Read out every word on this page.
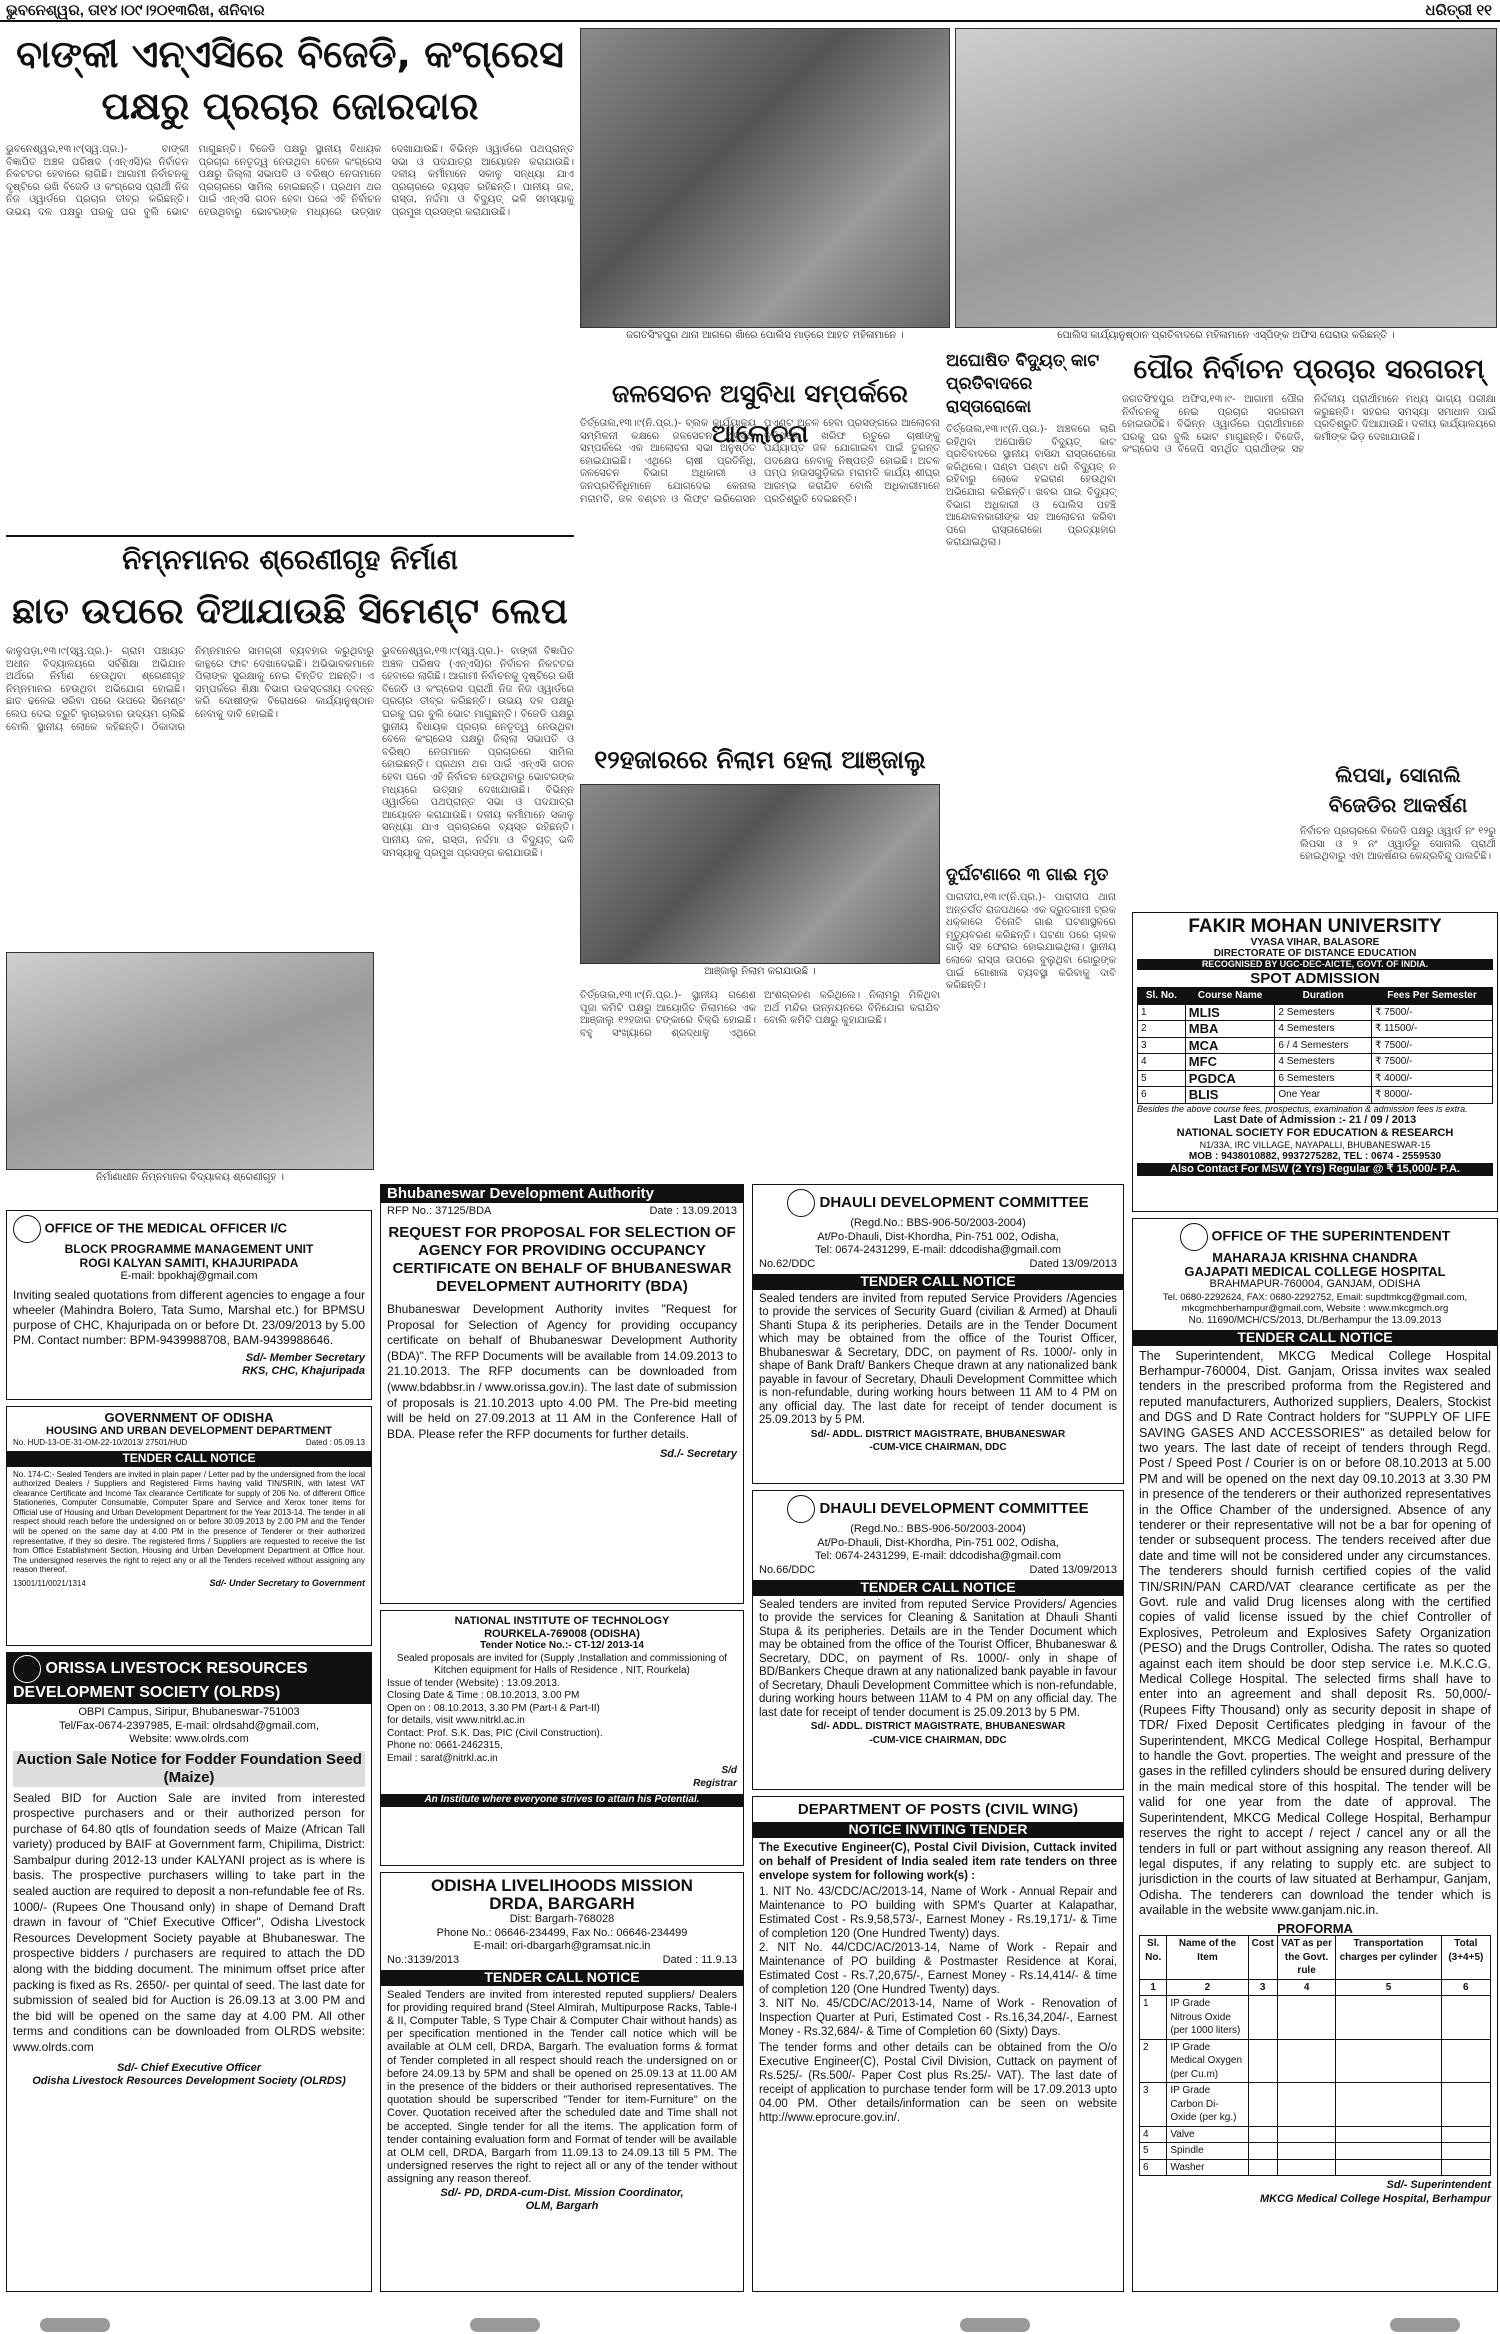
ଭୁବନେଶ୍ୱର, ତା୧୪।୦୯।୨୦୧୩ରିଖ, ଶନିବାର	ଧରିତ୍ରୀ ୧୧
ବାଙ୍କୀ ଏନ୍ଏସିରେ ବିଜେଡି, କଂଗ୍ରେସ ପକ୍ଷରୁ ପ୍ରଚାର ଜୋରଦାର
ଭୁବନେଶ୍ୱର,୧୩।୯(ସ୍ୱ.ପ୍ର.)- ବାଙ୍କୀ ବିଜ୍ଞାପିତ ଅଞ୍ଚଳ ପରିଷଦ (ଏନ୍ଏସି)ର ନିର୍ବାଚନ ନିକଟତର ହେବାରେ ଲାଗିଛି। ଆଗାମୀ ନିର୍ବାଚନକୁ ଦୃଷ୍ଟିରେ ରଖି ବିଜେଡି ଓ କଂଗ୍ରେସ ପ୍ରାର୍ଥୀ ନିଜ ନିଜ ଓ୍ୱାର୍ଡରେ ପ୍ରଚାର ତୀବ୍ର କରିଛନ୍ତି। ଉଭୟ ଦଳ ପକ୍ଷରୁ ଘରକୁ ଘର ବୁଲି ଭୋଟ ମାଗୁଛନ୍ତି। ବିଜେଡି ପକ୍ଷରୁ ସ୍ଥାନୀୟ ବିଧାୟକ ପ୍ରଚାର ନେତୃତ୍ୱ ନେଉଥିବା ବେଳେ କଂଗ୍ରେସ ପକ୍ଷରୁ ଜିଲ୍ଲା ସଭାପତି ଓ ବରିଷ୍ଠ ନେତାମାନେ ପ୍ରଚାରରେ ସାମିଲ ହୋଇଛନ୍ତି। ପ୍ରଥମ ଥର ପାଇଁ ଏନ୍ଏସି ଗଠନ ହେବା ପରେ ଏହି ନିର୍ବାଚନ ହେଉଥିବାରୁ ଭୋଟରଙ୍କ ମଧ୍ୟରେ ଉତ୍ସାହ ଦେଖାଯାଉଛି। ବିଭିନ୍ନ ଓ୍ୱାର୍ଡରେ ପଥପ୍ରାନ୍ତ ସଭା ଓ ପଦଯାତ୍ରା ଆୟୋଜନ କରାଯାଉଛି। ଦଳୀୟ କର୍ମୀମାନେ ସକାଳୁ ସନ୍ଧ୍ୟା ଯାଏ ପ୍ରଚାରରେ ବ୍ୟସ୍ତ ରହିଛନ୍ତି। ପାନୀୟ ଜଳ, ରାସ୍ତା, ନର୍ଦ୍ଦମା ଓ ବିଦ୍ୟୁତ୍ ଭଳି ସମସ୍ୟାକୁ ପ୍ରମୁଖ ପ୍ରସଙ୍ଗ କରାଯାଉଛି।
ଜଗତସିଂହପୁର ଥାନା ଆଗରେ ଖାଁରେ ପୋଲିସ ମାଡ଼ରେ ଆହତ ମହିଳାମାନେ ।	ପୋଲିସ କାର୍ଯ୍ୟାନୁଷ୍ଠାନ ପ୍ରତିବାଦରେ ମହିଳାମାନେ ଏସ୍ପିଙ୍କ ଅଫିସ ଘେରାଉ କରିଛନ୍ତି ।
ନିମ୍ନମାନର ଶ୍ରେଣୀଗୃହ ନିର୍ମାଣ
ଛାତ ଉପରେ ଦିଆଯାଉଛି ସିମେଣ୍ଟ ଲେପ
କାଳୁପଡ଼ା,୧୩।୯(ସ୍ୱ.ପ୍ର.)- ଗ୍ରାମ ପଞ୍ଚାୟତ ଅଧୀନ ବିଦ୍ୟାଳୟରେ ସର୍ବଶିକ୍ଷା ଅଭିଯାନ ଅର୍ଥରେ ନିର୍ମାଣ ହେଉଥିବା ଶ୍ରେଣୀଗୃହ ନିମ୍ନମାନର ହେଉଥିବା ଅଭିଯୋଗ ହୋଇଛି। ଛାତ ଢଳେଇ ସରିବା ପରେ ଉପରେ ସିମେଣ୍ଟ ଲେପ ଦେଇ ତ୍ରୁଟି ଲୁଚାଇବାର ଉଦ୍ୟମ ଚାଲିଛି ବୋଲି ସ୍ଥାନୀୟ ଲୋକେ କହିଛନ୍ତି। ଠିକାଦାର ନିମ୍ନମାନର ସାମଗ୍ରୀ ବ୍ୟବହାର କରୁଥିବାରୁ କାନ୍ଥରେ ଫାଟ ଦେଖାଦେଇଛି। ଅଭିଭାବକମାନେ ପିଲାଙ୍କ ସୁରକ୍ଷାକୁ ନେଇ ଚିନ୍ତିତ ଅଛନ୍ତି। ଏ ସମ୍ପର୍କରେ ଶିକ୍ଷା ବିଭାଗ ଉଚ୍ଚସ୍ତରୀୟ ତଦନ୍ତ କରି ଦୋଷୀଙ୍କ ବିରୋଧରେ କାର୍ଯ୍ୟାନୁଷ୍ଠାନ ନେବାକୁ ଦାବି ହୋଇଛି।
ନିର୍ମାଣାଧୀନ ନିମ୍ନମାନର ବିଦ୍ୟାଳୟ ଶ୍ରେଣୀଗୃହ ।
ଭୁବନେଶ୍ୱର,୧୩।୯(ସ୍ୱ.ପ୍ର.)- ବାଙ୍କୀ ବିଜ୍ଞାପିତ ଅଞ୍ଚଳ ପରିଷଦ (ଏନ୍ଏସି)ର ନିର୍ବାଚନ ନିକଟତର ହେବାରେ ଲାଗିଛି। ଆଗାମୀ ନିର୍ବାଚନକୁ ଦୃଷ୍ଟିରେ ରଖି ବିଜେଡି ଓ କଂଗ୍ରେସ ପ୍ରାର୍ଥୀ ନିଜ ନିଜ ଓ୍ୱାର୍ଡରେ ପ୍ରଚାର ତୀବ୍ର କରିଛନ୍ତି। ଉଭୟ ଦଳ ପକ୍ଷରୁ ଘରକୁ ଘର ବୁଲି ଭୋଟ ମାଗୁଛନ୍ତି। ବିଜେଡି ପକ୍ଷରୁ ସ୍ଥାନୀୟ ବିଧାୟକ ପ୍ରଚାର ନେତୃତ୍ୱ ନେଉଥିବା ବେଳେ କଂଗ୍ରେସ ପକ୍ଷରୁ ଜିଲ୍ଲା ସଭାପତି ଓ ବରିଷ୍ଠ ନେତାମାନେ ପ୍ରଚାରରେ ସାମିଲ ହୋଇଛନ୍ତି। ପ୍ରଥମ ଥର ପାଇଁ ଏନ୍ଏସି ଗଠନ ହେବା ପରେ ଏହି ନିର୍ବାଚନ ହେଉଥିବାରୁ ଭୋଟରଙ୍କ ମଧ୍ୟରେ ଉତ୍ସାହ ଦେଖାଯାଉଛି। ବିଭିନ୍ନ ଓ୍ୱାର୍ଡରେ ପଥପ୍ରାନ୍ତ ସଭା ଓ ପଦଯାତ୍ରା ଆୟୋଜନ କରାଯାଉଛି। ଦଳୀୟ କର୍ମୀମାନେ ସକାଳୁ ସନ୍ଧ୍ୟା ଯାଏ ପ୍ରଚାରରେ ବ୍ୟସ୍ତ ରହିଛନ୍ତି। ପାନୀୟ ଜଳ, ରାସ୍ତା, ନର୍ଦ୍ଦମା ଓ ବିଦ୍ୟୁତ୍ ଭଳି ସମସ୍ୟାକୁ ପ୍ରମୁଖ ପ୍ରସଙ୍ଗ କରାଯାଉଛି।
ଜଳସେଚନ ଅସୁବିଧା ସମ୍ପର୍କରେ ଆଲୋଚନା
ତିର୍ତ୍ତୋଲ,୧୩।୯(ନି.ପ୍ର.)- ବ୍ଲକ କାର୍ଯ୍ୟାଳୟ ସମ୍ମିଳନୀ କକ୍ଷରେ ଜଳସେଚନ ଅସୁବିଧା ସମ୍ପର୍କରେ ଏକ ଆଲୋଚନା ସଭା ଅନୁଷ୍ଠିତ ହୋଇଯାଇଛି। ଏଥିରେ ଚାଷୀ ପ୍ରତିନିଧି, ଜଳସେଚନ ବିଭାଗ ଅଧିକାରୀ ଓ ଜନପ୍ରତିନିଧିମାନେ ଯୋଗଦେଇ କେନାଲ ମରାମତି, ଜଳ ବଣ୍ଟନ ଓ ଲିଫ୍ଟ ଇରିଗେସନ ପଏଣ୍ଟ ଅଚଳ ହେବା ପ୍ରସଙ୍ଗରେ ଆଲୋଚନା କରିଥିଲେ। ଖରିଫ ଋତୁରେ ଚାଷୀଙ୍କୁ ପର୍ଯ୍ୟାପ୍ତ ଜଳ ଯୋଗାଇବା ପାଇଁ ତୁରନ୍ତ ପଦକ୍ଷେପ ନେବାକୁ ନିଷ୍ପତ୍ତି ହୋଇଛି। ଅଚଳ ପମ୍ପ ହାଉସଗୁଡ଼ିକର ମରାମତି କାର୍ଯ୍ୟ ଶୀଘ୍ର ଆରମ୍ଭ କରାଯିବ ବୋଲି ଅଧିକାରୀମାନେ ପ୍ରତିଶ୍ରୁତି ଦେଇଛନ୍ତି।
ଅଘୋଷିତ ବିଦ୍ୟୁତ୍ କାଟ ପ୍ରତିବାଦରେ ରାସ୍ତାରୋକୋ
ତିର୍ତ୍ତୋଲ,୧୩।୯(ନି.ପ୍ର.)- ଅଞ୍ଚଳରେ ଲାଗି ରହିଥିବା ଅଘୋଷିତ ବିଦ୍ୟୁତ୍ କାଟ ପ୍ରତିବାଦରେ ସ୍ଥାନୀୟ ବାସିନ୍ଦା ରାସ୍ତାରୋକୋ କରିଥିଲେ। ଘଣ୍ଟା ଘଣ୍ଟା ଧରି ବିଦ୍ୟୁତ୍ ନ ରହିବାରୁ ଲୋକେ ହଇରାଣ ହେଉଥିବା ଅଭିଯୋଗ କରିଛନ୍ତି। ଖବର ପାଇ ବିଦ୍ୟୁତ୍ ବିଭାଗ ଅଧିକାରୀ ଓ ପୋଲିସ ପହଞ୍ଚି ଆନ୍ଦୋଳନକାରୀଙ୍କ ସହ ଆଲୋଚନା କରିବା ପରେ ରାସ୍ତାରୋକୋ ପ୍ରତ୍ୟାହାର କରାଯାଇଥିଲା।
୧୨ହଜାରରେ ନିଲାମ ହେଲା ଆଞ୍ଜାଲୁ
ଆଞ୍ଜାଲୁ ନିଲାମ କରାଯାଉଛି ।
ତିର୍ତ୍ତୋଲ,୧୩।୯(ନି.ପ୍ର.)- ସ୍ଥାନୀୟ ଗଣେଶ ପୂଜା କମିଟି ପକ୍ଷରୁ ଆୟୋଜିତ ନିଲାମରେ ଏକ ଆଞ୍ଜାଲୁ ୧୨ହଜାର ଟଙ୍କାରେ ବିକ୍ରି ହୋଇଛି। ବହୁ ସଂଖ୍ୟାରେ ଶ୍ରଦ୍ଧାଳୁ ଏଥିରେ ଅଂଶଗ୍ରହଣ କରିଥିଲେ। ନିଲାମରୁ ମିଳିଥିବା ଅର୍ଥ ମନ୍ଦିର ଉନ୍ନୟନରେ ବିନିଯୋଗ କରାଯିବ ବୋଲି କମିଟି ପକ୍ଷରୁ କୁହାଯାଇଛି।
ଦୁର୍ଘଟଣାରେ ୩ ଗାଈ ମୃତ
ପାରାଦୀପ,୧୩।୯(ନି.ପ୍ର.)- ପାରାଦୀପ ଥାନା ଅନ୍ତର୍ଗତ ରାଜପଥରେ ଏକ ଦ୍ରୁତଗାମୀ ଟ୍ରକ ଧକ୍କାରେ ତିନୋଟି ଗାଈ ଘଟଣାସ୍ଥଳରେ ମୃତ୍ୟୁବରଣ କରିଛନ୍ତି। ଘଟଣା ପରେ ଚାଳକ ଗାଡ଼ି ସହ ଫେରାର ହୋଇଯାଇଥିଲା। ସ୍ଥାନୀୟ ଲୋକେ ରାସ୍ତା ଉପରେ ବୁଲୁଥିବା ଗୋରୁଙ୍କ ପାଇଁ ଗୋଶାଳା ବ୍ୟବସ୍ଥା କରିବାକୁ ଦାବି କରିଛନ୍ତି।
ପୌର ନିର୍ବାଚନ ପ୍ରଚାର ସରଗରମ୍
ଜଗତସିଂହପୁର ଅଫିସ,୧୩।୯- ଆଗାମୀ ପୌର ନିର୍ବାଚନକୁ ନେଇ ପ୍ରଚାର ସରଗରମ ହୋଇଉଠିଛି। ବିଭିନ୍ନ ଓ୍ୱାର୍ଡରେ ପ୍ରାର୍ଥୀମାନେ ଘରକୁ ଘର ବୁଲି ଭୋଟ ମାଗୁଛନ୍ତି। ବିଜେଡି, କଂଗ୍ରେସ ଓ ବିଜେପି ସମର୍ଥିତ ପ୍ରାର୍ଥୀଙ୍କ ସହ ନିର୍ଦ୍ଦଳୀୟ ପ୍ରାର୍ଥୀମାନେ ମଧ୍ୟ ଭାଗ୍ୟ ପରୀକ୍ଷା କରୁଛନ୍ତି। ସହରର ସମସ୍ୟା ସମାଧାନ ପାଇଁ ପ୍ରତିଶ୍ରୁତି ଦିଆଯାଉଛି। ଦଳୀୟ କାର୍ଯ୍ୟାଳୟରେ କର୍ମୀଙ୍କ ଭିଡ଼ ଦେଖାଯାଉଛି।
ଲିପସା, ସୋନାଲି ବିଜେଡିର ଆକର୍ଷଣ
ନିର୍ବାଚନ ପ୍ରଚାରରେ ବିଜେଡି ପକ୍ଷରୁ ଓ୍ୱାର୍ଡ ନଂ ୧୨ରୁ ଲିପସା ଓ ୨ ନଂ ଓ୍ୱାର୍ଡରୁ ସୋନାଲି ପ୍ରାର୍ଥୀ ହୋଇଥିବାରୁ ଏହା ଆକର୍ଷଣର କେନ୍ଦ୍ରବିନ୍ଦୁ ପାଲଟିଛି।
FAKIR MOHAN UNIVERSITY
VYASA VIHAR, BALASORE
DIRECTORATE OF DISTANCE EDUCATION
RECOGNISED BY UGC-DEC-AICTE, GOVT. OF INDIA.
SPOT ADMISSION
Sl. No.	Course Name	Duration	Fees Per Semester
1	MLIS	2 Semesters	₹ 7500/-
2	MBA	4 Semesters	₹ 11500/-
3	MCA	6 / 4 Semesters	₹ 7500/-
4	MFC	4 Semesters	₹ 7500/-
5	PGDCA	6 Semesters	₹ 4000/-
6	BLIS	One Year	₹ 8000/-
Besides the above course fees, prospectus, examination & admission fees is extra.
Last Date of Admission :- 21 / 09 / 2013
NATIONAL SOCIETY FOR EDUCATION & RESEARCH
N1/33A, IRC VILLAGE, NAYAPALLI, BHUBANESWAR-15
MOB : 9438010882, 9937275282, TEL : 0674 - 2559530
Also Contact For MSW (2 Yrs) Regular @ ₹ 15,000/- P.A.
OFFICE OF THE MEDICAL OFFICER I/C
BLOCK PROGRAMME MANAGEMENT UNIT
ROGI KALYAN SAMITI, KHAJURIPADA
E-mail: bpokhaj@gmail.com
Inviting sealed quotations from different agencies to engage a four wheeler (Mahindra Bolero, Tata Sumo, Marshal etc.) for BPMSU purpose of CHC, Khajuripada on or before Dt. 23/09/2013 by 5.00 PM. Contact number: BPM-9439988708, BAM-9439988646.
Sd/- Member Secretary
RKS, CHC, Khajuripada
GOVERNMENT OF ODISHA
HOUSING AND URBAN DEVELOPMENT DEPARTMENT
No. HUD-13-OE-31-OM-22-10/2013/ 27501/HUD	Dated : 05.09.13
TENDER CALL NOTICE
No. 174-C:- Sealed Tenders are invited in plain paper / Letter pad by the undersigned from the local authorized Dealers / Suppliers and Registered Firms having valid TIN/SRIN, with latest VAT clearance Certificate and Income Tax clearance Certificate for supply of 206 No. of different Office Stationeries, Computer Consumable, Computer Spare and Service and Xerox toner items for Official use of Housing and Urban Development Department for the Year 2013-14. The tender in all respect should reach before the undersigned on or before 30.09.2013 by 2.00 PM and the Tender will be opened on the same day at 4.00 PM in the presence of Tenderer or their authorized representative, if they so desire. The registered firms / Suppliers are requested to receive the list from Office Establishment Section, Housing and Urban Development Department at Office hour. The undersigned reserves the right to reject any or all the Tenders received without assigning any reason thereof.
13001/11/0021/1314	Sd/- Under Secretary to Government
ORISSA LIVESTOCK RESOURCES
DEVELOPMENT SOCIETY (OLRDS)
OBPI Campus, Siripur, Bhubaneswar-751003
Tel/Fax-0674-2397985, E-mail: olrdsahd@gmail.com,
Website: www.olrds.com
Auction Sale Notice for Fodder Foundation Seed (Maize)
Sealed BID for Auction Sale are invited from interested prospective purchasers and or their authorized person for purchase of 64.80 qtls of foundation seeds of Maize (African Tall variety) produced by BAIF at Government farm, Chipilima, District: Sambalpur during 2012-13 under KALYANI project as is where is basis. The prospective purchasers willing to take part in the sealed auction are required to deposit a non-refundable fee of Rs. 1000/- (Rupees One Thousand only) in shape of Demand Draft drawn in favour of "Chief Executive Officer", Odisha Livestock Resources Development Society payable at Bhubaneswar. The prospective bidders / purchasers are required to attach the DD along with the bidding document. The minimum offset price after packing is fixed as Rs. 2650/- per quintal of seed. The last date for submission of sealed bid for Auction is 26.09.13 at 3.00 PM and the bid will be opened on the same day at 4.00 PM. All other terms and conditions can be downloaded from OLRDS website: www.olrds.com
Sd/- Chief Executive Officer
Odisha Livestock Resources Development Society (OLRDS)
Bhubaneswar Development Authority
RFP No.: 37125/BDA	Date : 13.09.2013
REQUEST FOR PROPOSAL FOR SELECTION OF AGENCY FOR PROVIDING OCCUPANCY CERTIFICATE ON BEHALF OF BHUBANESWAR DEVELOPMENT AUTHORITY (BDA)
Bhubaneswar Development Authority invites "Request for Proposal for Selection of Agency for providing occupancy certificate on behalf of Bhubaneswar Development Authority (BDA)". The RFP Documents will be available from 14.09.2013 to 21.10.2013. The RFP documents can be downloaded from (www.bdabbsr.in / www.orissa.gov.in). The last date of submission of proposals is 21.10.2013 upto 4.00 PM. The Pre-bid meeting will be held on 27.09.2013 at 11 AM in the Conference Hall of BDA. Please refer the RFP documents for further details.
Sd./- Secretary
NATIONAL INSTITUTE OF TECHNOLOGY
ROURKELA-769008 (ODISHA)
Tender Notice No.:- CT-12/ 2013-14
Sealed proposals are invited for (Supply ,Installation and commissioning of Kitchen equipment for Halls of Residence , NIT, Rourkela)
Issue of tender (Website) : 13.09.2013.
Closing Date & Time : 08.10.2013, 3.00 PM
Open on : 08.10.2013, 3.30 PM (Part-I & Part-II)
for details, visit www.nitrkl.ac.in
Contact: Prof. S.K. Das, PIC (Civil Construction).
Phone no: 0661-2462315,
Email : sarat@nitrkl.ac.in
S/d
Registrar
An Institute where everyone strives to attain his Potential.
ODISHA LIVELIHOODS MISSION
DRDA, BARGARH
Dist: Bargarh-768028
Phone No.: 06646-234499, Fax No.: 06646-234499
E-mail: ori-dbargarh@gramsat.nic.in
No.:3139/2013	Dated : 11.9.13
TENDER CALL NOTICE
Sealed Tenders are invited from interested reputed suppliers/ Dealers for providing required brand (Steel Almirah, Multipurpose Racks, Table-I & II, Computer Table, S Type Chair & Computer Chair without hands) as per specification mentioned in the Tender call notice which will be available at OLM cell, DRDA, Bargarh. The evaluation forms & format of Tender completed in all respect should reach the undersigned on or before 24.09.13 by 5PM and shall be opened on 25.09.13 at 11.00 AM in the presence of the bidders or their authorised representatives. The quotation should be superscribed "Tender for item-Furniture" on the Cover. Quotation received after the scheduled date and Time shall not be accepted. Single tender for all the items. The application form of tender containing evaluation form and Format of tender will be available at OLM cell, DRDA, Bargarh from 11.09.13 to 24.09.13 till 5 PM. The undersigned reserves the right to reject all or any of the tender without assigning any reason thereof.
Sd/- PD, DRDA-cum-Dist. Mission Coordinator,
OLM, Bargarh
DHAULI DEVELOPMENT COMMITTEE
(Regd.No.: BBS-906-50/2003-2004)
At/Po-Dhauli, Dist-Khordha, Pin-751 002, Odisha,
Tel: 0674-2431299, E-mail: ddcodisha@gmail.com
No.62/DDC	Dated 13/09/2013
TENDER CALL NOTICE
Sealed tenders are invited from reputed Service Providers /Agencies to provide the services of Security Guard (civilian & Armed) at Dhauli Shanti Stupa & its peripheries. Details are in the Tender Document which may be obtained from the office of the Tourist Officer, Bhubaneswar & Secretary, DDC, on payment of Rs. 1000/- only in shape of Bank Draft/ Bankers Cheque drawn at any nationalized bank payable in favour of Secretary, Dhauli Development Committee which is non-refundable, during working hours between 11 AM to 4 PM on any official day. The last date for receipt of tender document is 25.09.2013 by 5 PM.
Sd/- ADDL. DISTRICT MAGISTRATE, BHUBANESWAR
-CUM-VICE CHAIRMAN, DDC
DHAULI DEVELOPMENT COMMITTEE
(Regd.No.: BBS-906-50/2003-2004)
At/Po-Dhauli, Dist-Khordha, Pin-751 002, Odisha,
Tel: 0674-2431299, E-mail: ddcodisha@gmail.com
No.66/DDC	Dated 13/09/2013
TENDER CALL NOTICE
Sealed tenders are invited from reputed Service Providers/ Agencies to provide the services for Cleaning & Sanitation at Dhauli Shanti Stupa & its peripheries. Details are in the Tender Document which may be obtained from the office of the Tourist Officer, Bhubaneswar & Secretary, DDC, on payment of Rs. 1000/- only in shape of BD/Bankers Cheque drawn at any nationalized bank payable in favour of Secretary, Dhauli Development Committee which is non-refundable, during working hours between 11AM to 4 PM on any official day. The last date for receipt of tender document is 25.09.2013 by 5 PM.
Sd/- ADDL. DISTRICT MAGISTRATE, BHUBANESWAR
-CUM-VICE CHAIRMAN, DDC
DEPARTMENT OF POSTS (CIVIL WING)
NOTICE INVITING TENDER
The Executive Engineer(C), Postal Civil Division, Cuttack invited on behalf of President of India sealed item rate tenders on three envelope system for following work(s) :
1. NIT No. 43/CDC/AC/2013-14, Name of Work - Annual Repair and Maintenance to PO building with SPM's Quarter at Kalapathar, Estimated Cost - Rs.9,58,573/-, Earnest Money - Rs.19,171/- & Time of completion 120 (One Hundred Twenty) days.
2. NIT No. 44/CDC/AC/2013-14, Name of Work - Repair and Maintenance of PO building & Postmaster Residence at Korai, Estimated Cost - Rs.7,20,675/-, Earnest Money - Rs.14,414/- & time of completion 120 (One Hundred Twenty) days.
3. NIT No. 45/CDC/AC/2013-14, Name of Work - Renovation of Inspection Quarter at Puri, Estimated Cost - Rs.16,34,204/-, Earnest Money - Rs.32,684/- & Time of Completion 60 (Sixty) Days.
The tender forms and other details can be obtained from the O/o Executive Engineer(C), Postal Civil Division, Cuttack on payment of Rs.525/- (Rs.500/- Paper Cost plus Rs.25/- VAT). The last date of receipt of application to purchase tender form will be 17.09.2013 upto 04.00 PM. Other details/information can be seen on website http://www.eprocure.gov.in/.
OFFICE OF THE SUPERINTENDENT
MAHARAJA KRISHNA CHANDRA
GAJAPATI MEDICAL COLLEGE HOSPITAL
BRAHMAPUR-760004, GANJAM, ODISHA
Tel. 0680-2292624, FAX: 0680-2292752, Email: supdtmkcg@gmail.com,
mkcgmchberhampur@gmail.com, Website : www.mkcgmch.org
No. 11690/MCH/CS/2013, Dt./Berhampur the 13.09.2013
TENDER CALL NOTICE
The Superintendent, MKCG Medical College Hospital Berhampur-760004, Dist. Ganjam, Orissa invites wax sealed tenders in the prescribed proforma from the Registered and reputed manufacturers, Authorized suppliers, Dealers, Stockist and DGS and D Rate Contract holders for "SUPPLY OF LIFE SAVING GASES AND ACCESSORIES" as detailed below for two years. The last date of receipt of tenders through Regd. Post / Speed Post / Courier is on or before 08.10.2013 at 5.00 PM and will be opened on the next day 09.10.2013 at 3.30 PM in presence of the tenderers or their authorized representatives in the Office Chamber of the undersigned. Absence of any tenderer or their representative will not be a bar for opening of tender or subsequent process. The tenders received after due date and time will not be considered under any circumstances. The tenderers should furnish certified copies of the valid TIN/SRIN/PAN CARD/VAT clearance certificate as per the Govt. rule and valid Drug licenses along with the certified copies of valid license issued by the chief Controller of Explosives, Petroleum and Explosives Safety Organization (PESO) and the Drugs Controller, Odisha. The rates so quoted against each item should be door step service i.e. M.K.C.G. Medical College Hospital. The selected firms shall have to enter into an agreement and shall deposit Rs. 50,000/- (Rupees Fifty Thousand) only as security deposit in shape of TDR/ Fixed Deposit Certificates pledging in favour of the Superintendent, MKCG Medical College Hospital, Berhampur to handle the Govt. properties. The weight and pressure of the gases in the refilled cylinders should be ensured during delivery in the main medical store of this hospital. The tender will be valid for one year from the date of approval. The Superintendent, MKCG Medical College Hospital, Berhampur reserves the right to accept / reject / cancel any or all the tenders in full or part without assigning any reason thereof. All legal disputes, if any relating to supply etc. are subject to jurisdiction in the courts of law situated at Berhampur, Ganjam, Odisha. The tenderers can download the tender which is available in the website www.ganjam.nic.in.
PROFORMA
Sl. No.	Name of the Item	Cost	VAT as per the Govt. rule	Transportation charges per cylinder	Total (3+4+5)
1	2	3	4	5	6
1	IP Grade Nitrous Oxide (per 1000 liters)				
2	IP Grade Medical Oxygen (per Cu.m)				
3	IP Grade Carbon Di-Oxide (per kg.)				
4	Valve				
5	Spindle				
6	Washer				
Sd/- Superintendent
MKCG Medical College Hospital, Berhampur
